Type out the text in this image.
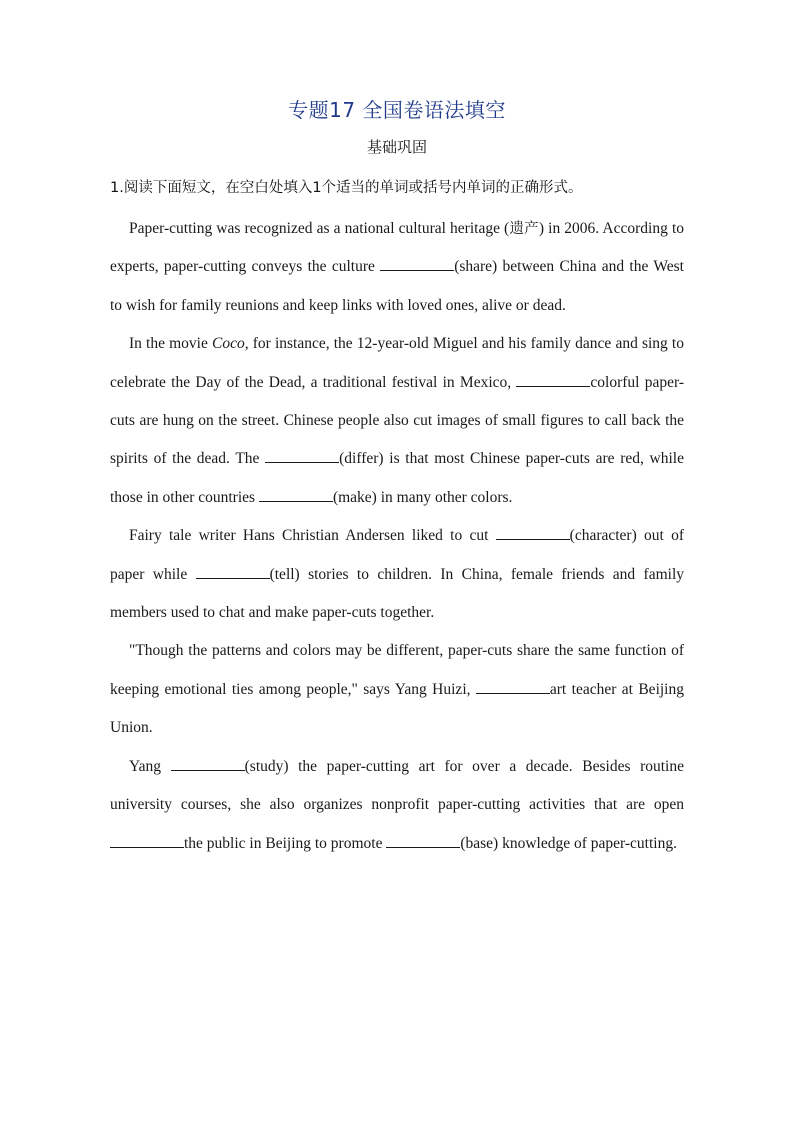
专题17 全国卷语法填空
基础巩固
1.阅读下面短文，在空白处填入1个适当的单词或括号内单词的正确形式。

Paper-cutting was recognized as a national cultural heritage (遗产) in 2006. According to experts, paper-cutting conveys the culture	(share) between China and the West to wish for family reunions and keep links with loved ones, alive or dead.

In the movie Coco, for instance, the 12-year-old Miguel and his family dance and sing to celebrate the Day of the Dead, a traditional festival in Mexico,	colorful paper-cuts are hung on the street. Chinese people also cut images of small figures to call back the spirits of the dead. The	(differ) is that most Chinese paper-cuts are red, while those in other countries	(make) in many other colors.

Fairy tale writer Hans Christian Andersen liked to cut	(character) out of paper while	(tell) stories to children. In China, female friends and family members used to chat and make paper-cuts together.

"Though the patterns and colors may be different, paper-cuts share the same function of keeping emotional ties among people," says Yang Huizi,	art teacher at Beijing Union.

Yang	(study) the paper-cutting art for over a decade. Besides routine university courses, she also organizes nonprofit paper-cutting activities that are open the public in Beijing to promote	(base) knowledge of paper-cutting.
